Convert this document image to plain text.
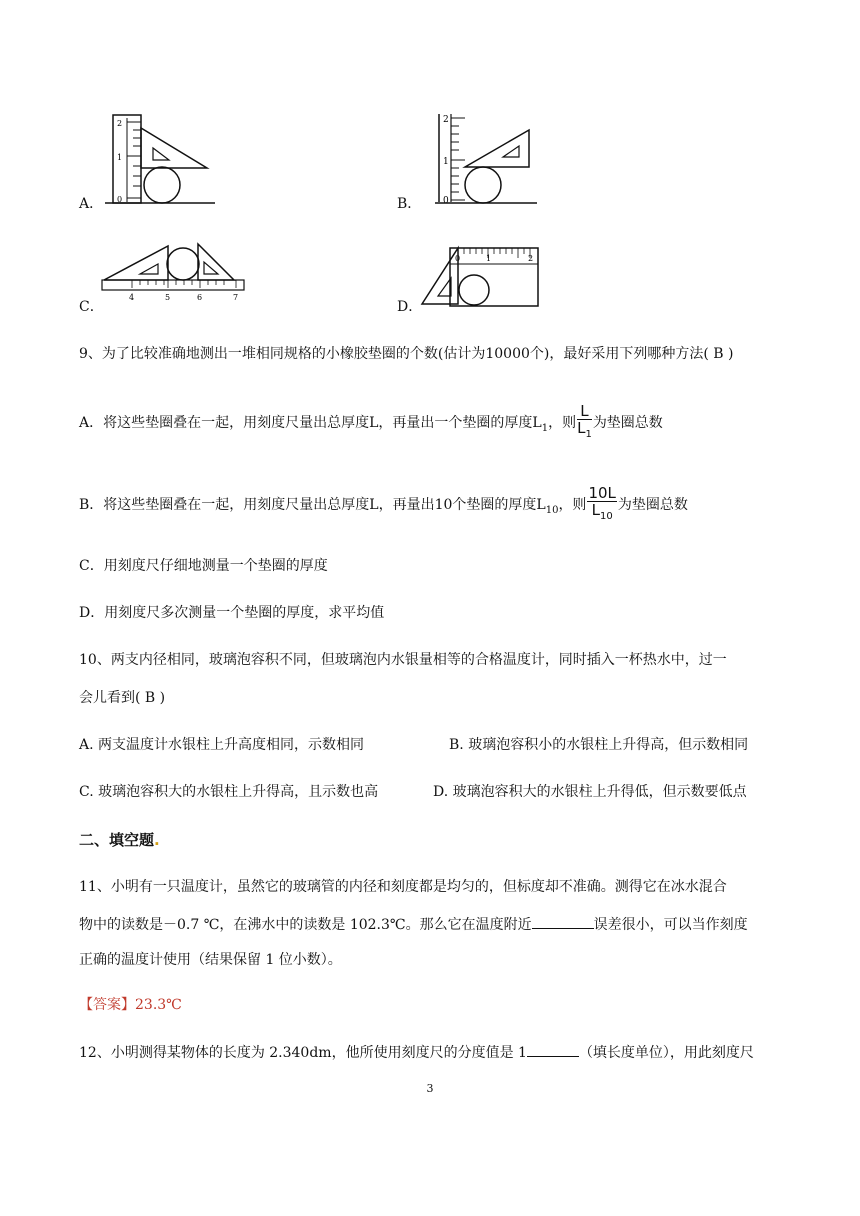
A．
2
1
0	B．
2
1
0
C．
4	5	6	7
D．
0	1	2
9、为了比较准确地测出一堆相同规格的小橡胶垫圈的个数(估计为10000个)，最好采用下列哪种方法( B )
A．将这些垫圈叠在一起，用刻度尺量出总厚度L，再量出一个垫圈的厚度$L_1$，则 $\frac{L}{L_1}$ 为垫圈总数
B．将这些垫圈叠在一起，用刻度尺量出总厚度L，再量出10个垫圈的厚度$L_{10}$，则 $\frac{10L}{L_{10}}$ 为垫圈总数
C．用刻度尺仔细地测量一个垫圈的厚度
D．用刻度尺多次测量一个垫圈的厚度，求平均值
10、两支内径相同，玻璃泡容积不同，但玻璃泡内水银量相等的合格温度计，同时插入一杯热水中，过一
会儿看到( B )
A. 两支温度计水银柱上升高度相同，示数相同	B. 玻璃泡容积小的水银柱上升得高，但示数相同
C. 玻璃泡容积大的水银柱上升得高，且示数也高	D. 玻璃泡容积大的水银柱上升得低，但示数要低点
二、填空题.
11、小明有一只温度计，虽然它的玻璃管的内径和刻度都是均匀的，但标度却不准确。测得它在冰水混合
物中的读数是－0.7 ℃，在沸水中的读数是 102.3℃。那么它在温度附近	误差很小，可以当作刻度
正确的温度计使用（结果保留 1 位小数）。
【答案】23.3℃
12、小明测得某物体的长度为 2.340dm，他所使用刻度尺的分度值是 1	（填长度单位），用此刻度尺
3
